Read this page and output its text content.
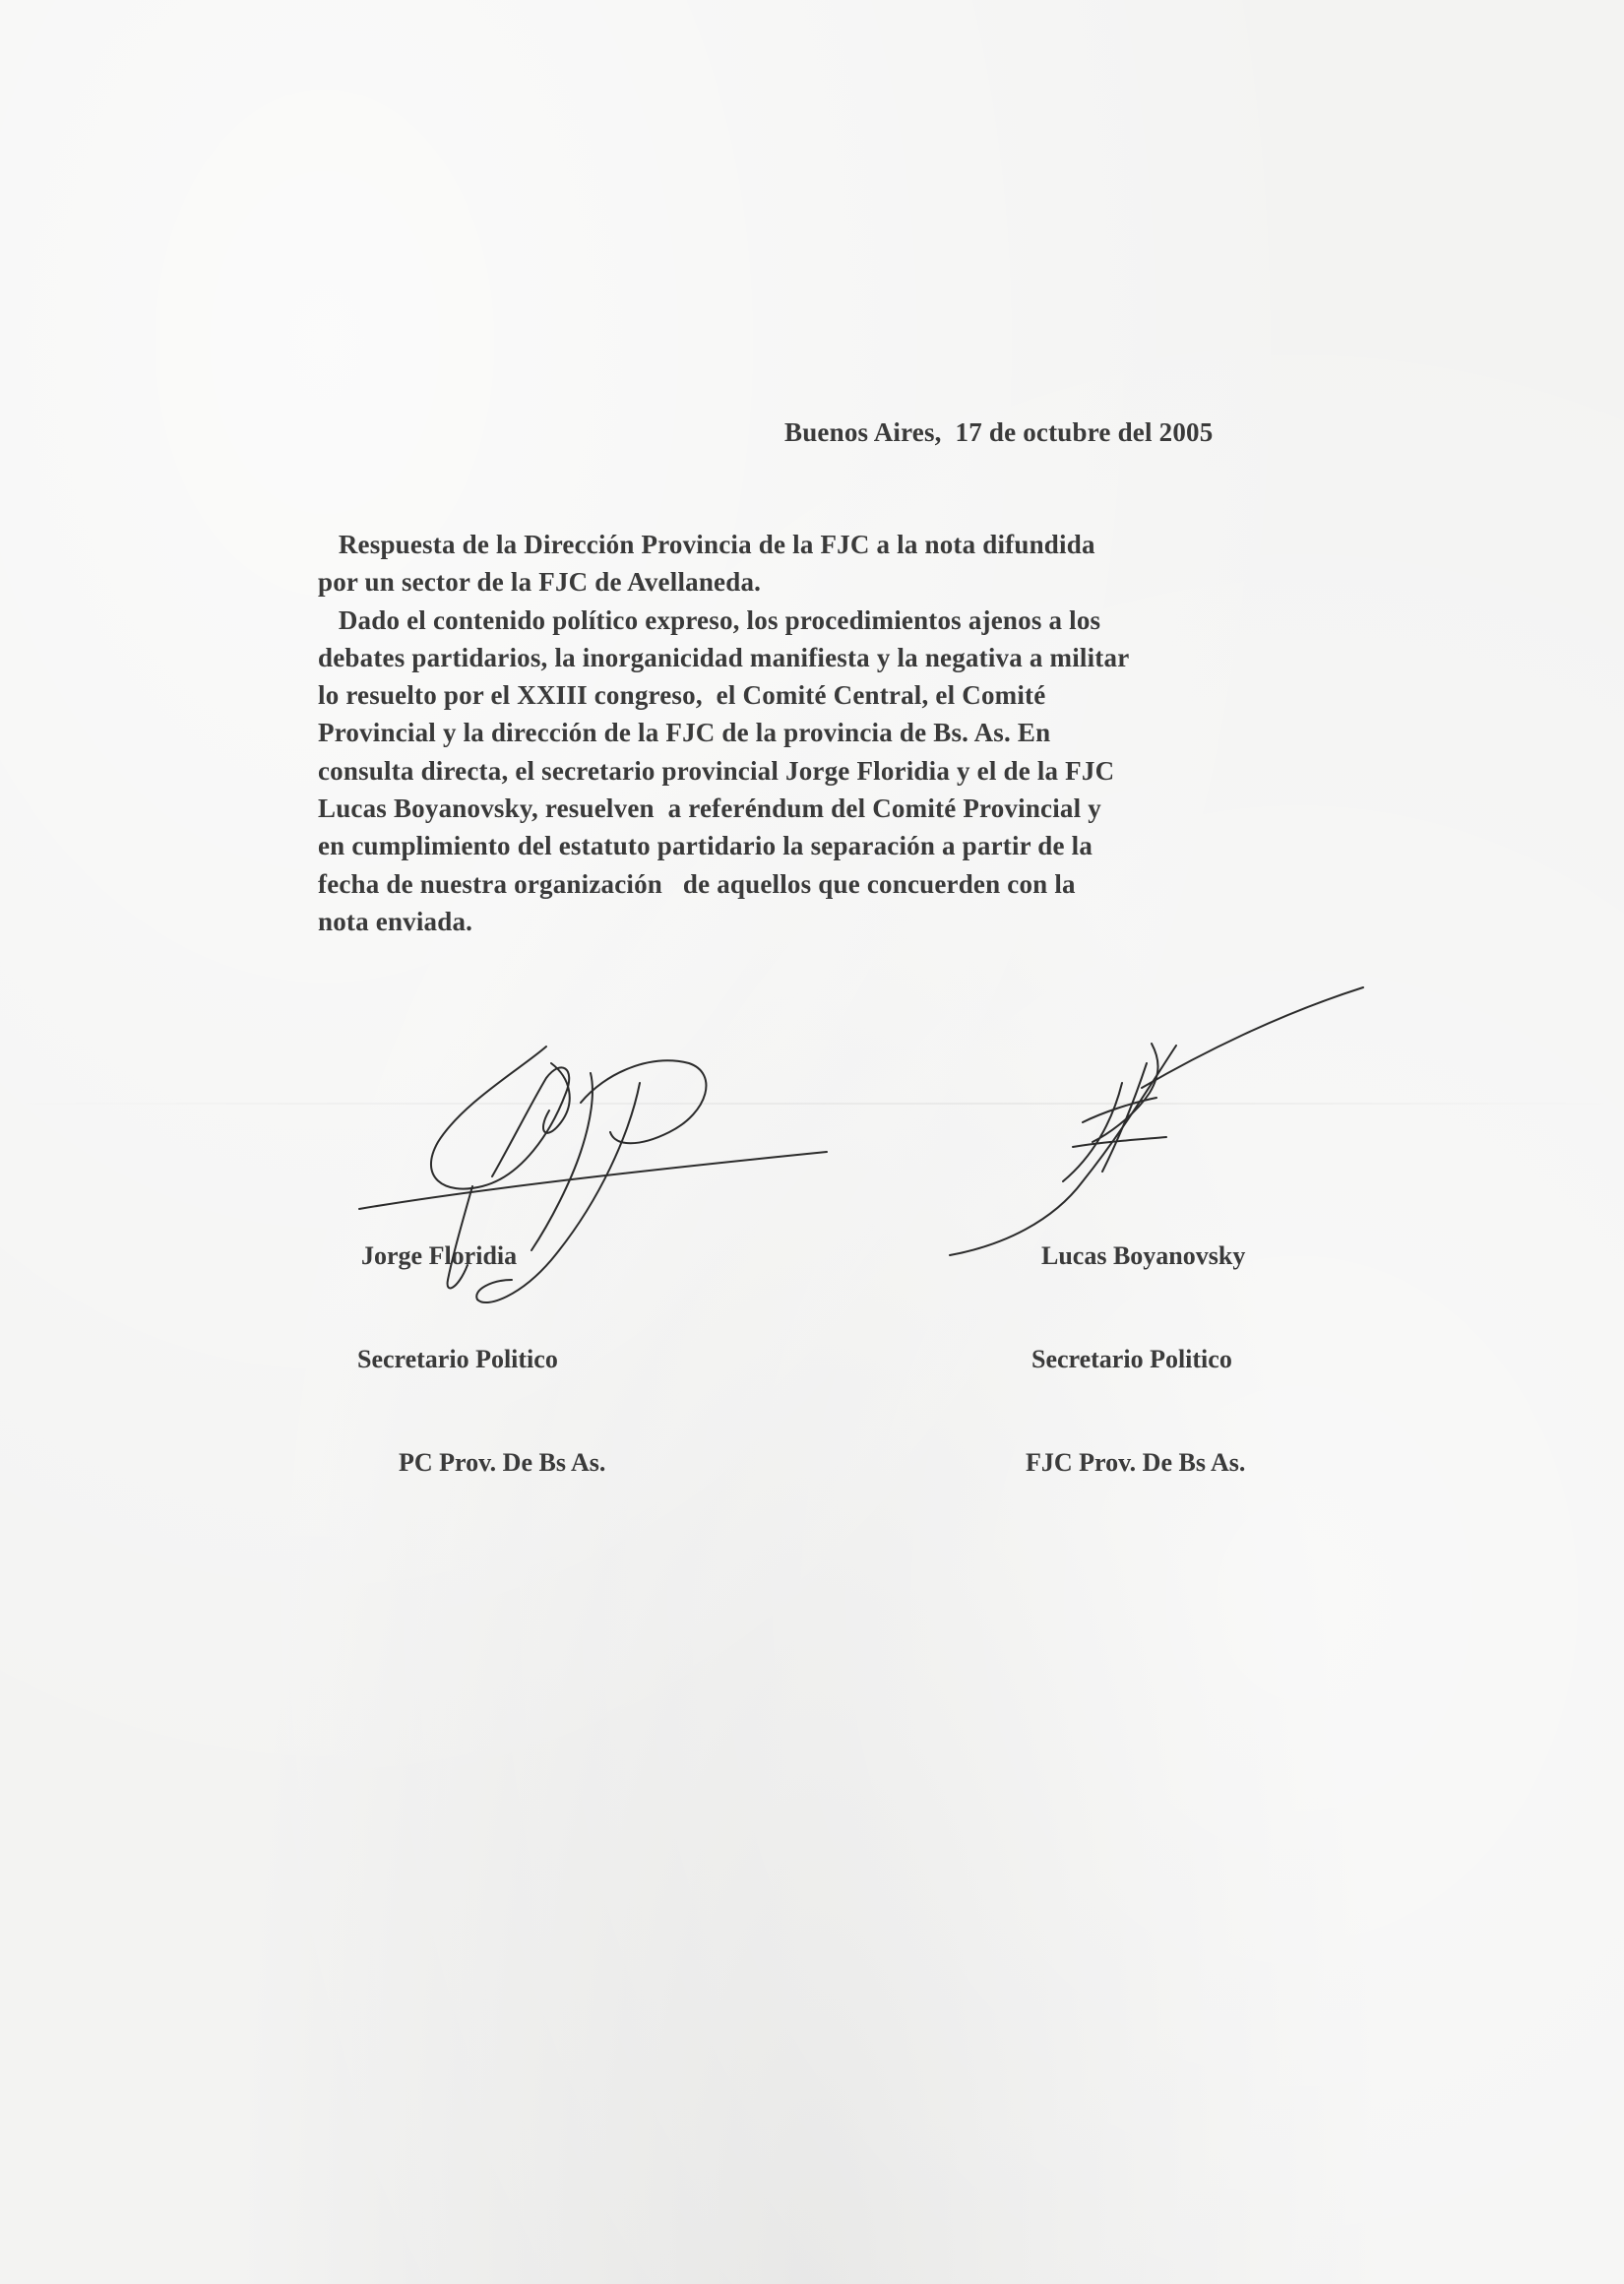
Buenos Aires,  17 de octubre del 2005
Respuesta de la Dirección Provincia de la FJC a la nota difundida
por un sector de la FJC de Avellaneda.
Dado el contenido político expreso, los procedimientos ajenos a los
debates partidarios, la inorganicidad manifiesta y la negativa a militar
lo resuelto por el XXIII congreso,  el Comité Central, el Comité
Provincial y la dirección de la FJC de la provincia de Bs. As. En
consulta directa, el secretario provincial Jorge Floridia y el de la FJC
Lucas Boyanovsky, resuelven  a referéndum del Comité Provincial y
en cumplimiento del estatuto partidario la separación a partir de la
fecha de nuestra organización   de aquellos que concuerden con la
nota enviada.

Jorge Floridia

Secretario Politico

PC Prov. De Bs As.

Lucas Boyanovsky

Secretario Politico

FJC Prov. De Bs As.
